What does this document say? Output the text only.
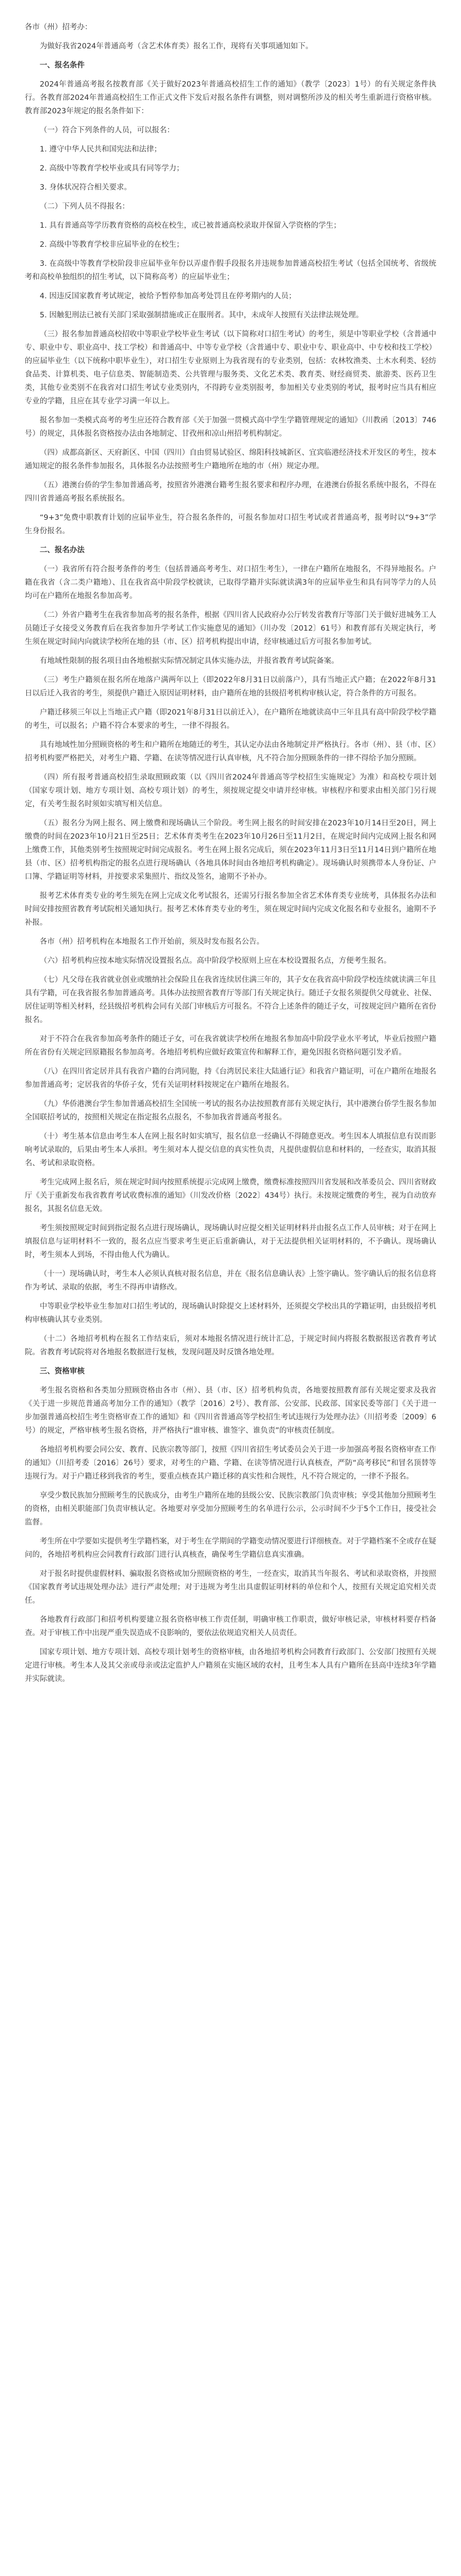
各市（州）招考办：

为做好我省2024年普通高考（含艺术体育类）报名工作，现将有关事项通知如下。

一、报名条件

2024年普通高考报名按教育部《关于做好2023年普通高校招生工作的通知》（教学〔2023〕1号）的有关规定条件执行。各教育部2024年普通高校招生工作正式文件下发后对报名条件有调整，则对调整所涉及的相关考生重新进行资格审核。教育部2023年规定的报名条件如下：

（一）符合下列条件的人员，可以报名：

1. 遵守中华人民共和国宪法和法律；

2. 高级中等教育学校毕业或具有同等学力；

3. 身体状况符合相关要求。

（二）下列人员不得报名：

1. 具有普通高等学历教育资格的高校在校生，或已被普通高校录取并保留入学资格的学生；

2. 高级中等教育学校非应届毕业的在校生；

3. 在高级中等教育学校阶段非应届毕业年份以弄虚作假手段报名并违规参加普通高校招生考试（包括全国统考、省级统考和高校单独组织的招生考试，以下简称高考）的应届毕业生；

4. 因违反国家教育考试规定，被给予暂停参加高考处罚且在停考期内的人员；

5. 因触犯刑法已被有关部门采取强制措施或正在服刑者。其中，未成年人按照有关法律法规处理。

（三）报名参加普通高校招收中等职业学校毕业生考试（以下简称对口招生考试）的考生，须是中等职业学校（含普通中专、职业中专、职业高中、技工学校）和普通高中、中等专业学校（含普通中专、职业中专、职业高中、中专校和技工学校）的应届毕业生（以下统称中职毕业生），对口招生专业原则上为我省现有的专业类别，包括：农林牧渔类、土木水利类、轻纺食品类、计算机类、电子信息类、智能制造类、公共管理与服务类、文化艺术类、教育类、财经商贸类、旅游类、医药卫生类，其他专业类别不在我省对口招生考试专业类别内，不得跨专业类别报考，参加相关专业类别的考试，报考时应当具有相应专业的学籍，且应在其专业学习满一年以上。

报名参加一类模式高考的考生应还符合教育部《关于加强一贯模式高中学生学籍管理规定的通知》（川教函〔2013〕746号）的规定，具体报名资格按办法由各地制定、甘孜州和凉山州招考机构制定。

（四）成都高新区、天府新区、中国（四川）自由贸易试验区、绵阳科技城新区、宜宾临港经济技术开发区的考生，按本通知规定的报名条件参加报名，具体报名办法按照考生户籍地所在地的市（州）规定办理。

（五）港澳台侨的学生参加普通高考，按照省外港澳台籍考生报名要求和程序办理，在港澳台侨报名系统中报名，不得在四川省普通高考报名系统报名。

“9+3”免费中职教育计划的应届毕业生，符合报名条件的，可报名参加对口招生考试或者普通高考，报考时以“9+3”学生身份报名。

二、报名办法

（一）我省所有符合报考条件的考生（包括普通高考考生、对口招生考生），一律在户籍所在地报名，不得异地报名。户籍在我省（含二类户籍地）、且在我省高中阶段学校就读，已取得学籍并实际就读满3年的应届毕业生和具有同等学力的人员均可在户籍所在地报名参加高考。

（二）外省户籍考生在我省参加高考的报名条件，根据《四川省人民政府办公厅转发省教育厅等部门关于做好进城务工人员随迁子女接受义务教育后在我省参加升学考试工作实施意见的通知》（川办发〔2012〕61号）和教育部有关规定执行，考生须在规定时间内向就读学校所在地的县（市、区）招考机构提出申请，经审核通过后方可报名参加考试。

有地域性限制的报名项目由各地根据实际情况制定具体实施办法，并报省教育考试院备案。

（三）考生户籍须在报名所在地落户满两年以上（即2022年8月31日以前落户），具有当地正式户籍；在2022年8月31日以后迁入我省的考生，须提供户籍迁入原因证明材料，由户籍所在地的县级招考机构审核认定，符合条件的方可报名。

户籍迁移须三年以上当地正式户籍（即2021年8月31日以前迁入），在户籍所在地就读高中三年且具有高中阶段学校学籍的考生，可以报名；户籍不符合本要求的考生，一律不得报名。

具有地域性加分照顾资格的考生和户籍所在地随迁的考生，其认定办法由各地制定并严格执行。各市（州）、县（市、区）招考机构要严格把关，对考生户籍、学籍、在读等情况进行认真审核，凡不符合加分照顾条件的一律不得给予加分照顾。

（四）所有报考普通高校招生录取照顾政策（以《四川省2024年普通高等学校招生实施规定》为准）和高校专项计划（国家专项计划、地方专项计划、高校专项计划）的考生，须按规定提交申请并经审核。审核程序和要求由相关部门另行规定，有关考生报名时须如实填写相关信息。

（五）报名分为网上报名、网上缴费和现场确认三个阶段。考生网上报名的时间安排在2023年10月14日至20日，网上缴费的时间在2023年10月21日至25日；艺术体育类考生在2023年10月26日至11月2日，在规定时间内完成网上报名和网上缴费工作，其他类别考生按照规定时间完成报名。考生在网上报名完成后，须在2023年11月3日至11月14日到户籍所在地县（市、区）招考机构指定的报名点进行现场确认（各地具体时间由各地招考机构确定）。现场确认时须携带本人身份证、户口簿、学籍证明等材料，并按要求采集照片、指纹及签名，逾期不予补办。

报考艺术体育类专业的考生须先在网上完成文化考试报名，还需另行报名参加全省艺术体育类专业统考，具体报名办法和时间安排按照省教育考试院相关通知执行。报考艺术体育类专业的考生，须在规定时间内完成文化报名和专业报名，逾期不予补报。

各市（州）招考机构在本地报名工作开始前，须及时发布报名公告。

（六）招考机构应按本地实际情况设置报名点。高中阶段学校原则上应在本校设置报名点，方便考生报名。

（七）凡父母在我省就业创业或缴纳社会保险且在我省连续居住满三年的，其子女在我省高中阶段学校连续就读满三年且具有学籍，可在我省报名参加普通高考。具体办法按照省教育厅等部门有关规定执行。随迁子女报名须提供父母就业、社保、居住证明等相关材料，经县级招考机构会同有关部门审核后方可报名。不符合上述条件的随迁子女，可按规定回户籍所在省份报名。

对于不符合在我省参加高考条件的随迁子女，可在我省就读学校所在地报名参加高中阶段学业水平考试，毕业后按照户籍所在省份有关规定回原籍报名参加高考。各地招考机构应做好政策宣传和解释工作，避免因报名资格问题引发矛盾。

（八）在四川省定居并具有我省户籍的台湾同胞，持《台湾居民来往大陆通行证》和我省户籍证明，可在户籍所在地报名参加普通高考；定居我省的华侨子女，凭有关证明材料按规定在户籍所在地报名。

（九）华侨港澳台学生参加普通高校招生全国统一考试的报名办法按照教育部有关规定执行，其中港澳台侨学生报名参加全国联招考试的，按照相关规定在指定报名点报名，不参加我省普通高考报名。

（十）考生基本信息由考生本人在网上报名时如实填写，报名信息一经确认不得随意更改。考生因本人填报信息有误而影响考试录取的，后果由考生本人承担。考生须对本人提交信息的真实性负责，凡提供虚假信息和材料的，一经查实，取消其报名、考试和录取资格。

考生完成网上报名后，须在规定时间内按照系统提示完成网上缴费，缴费标准按照四川省发展和改革委员会、四川省财政厅《关于重新发布我省教育考试收费标准的通知》（川发改价格〔2022〕434号）执行。未按规定缴费的考生，视为自动放弃报名，其报名信息无效。

考生须按照规定时间到指定报名点进行现场确认，现场确认时应提交相关证明材料并由报名点工作人员审核；对于在网上填报信息与证明材料不一致的，报名点应当要求考生更正后重新确认，对于无法提供相关证明材料的，不予确认。现场确认时，考生须本人到场，不得由他人代为确认。

（十一）现场确认时，考生本人必须认真核对报名信息，并在《报名信息确认表》上签字确认。签字确认后的报名信息将作为考试、录取的依据，考生不得再申请修改。

中等职业学校毕业生参加对口招生考试的，现场确认时除提交上述材料外，还须提交学校出具的学籍证明，由县级招考机构审核确认其专业类别。

（十二）各地招考机构在报名工作结束后，须对本地报名情况进行统计汇总，于规定时间内将报名数据报送省教育考试院。省教育考试院将对各地报名数据进行复核，发现问题及时反馈各地处理。

三、资格审核

考生报名资格和各类加分照顾资格由各市（州）、县（市、区）招考机构负责，各地要按照教育部有关规定要求及我省《关于进一步规范普通高考加分工作的通知》（教学〔2016〕2号）、教育部、公安部、民政部、国家民委等部门《关于进一步加强普通高校招生考生资格审查工作的通知》和《四川省普通高等学校招生考试违规行为处理办法》（川招考委〔2009〕6号）的规定，严格审核考生报名资格，并严格执行“谁审核、谁签字、谁负责”的审核责任制度。

各地招考机构要会同公安、教育、民族宗教等部门，按照《四川省招生考试委员会关于进一步加强高考报名资格审查工作的通知》（川招考委〔2016〕26号）要求，对考生的户籍、学籍、在读等情况进行认真核查，严防“高考移民”和冒名顶替等违规行为。对于户籍迁移到我省的考生，要重点核查其户籍迁移的真实性和合规性，凡不符合规定的，一律不予报名。

享受少数民族加分照顾考生的民族成分，由考生户籍所在地的县级公安、民族宗教部门负责审核；享受其他加分照顾考生的资格，由相关职能部门负责审核认定。各地要对享受加分照顾考生的名单进行公示，公示时间不少于5个工作日，接受社会监督。

考生所在中学要如实提供考生学籍档案，对于考生在学期间的学籍变动情况要进行详细核查。对于学籍档案不全或存在疑问的，各地招考机构应会同教育行政部门进行认真核查，确保考生学籍信息真实准确。

对于报名时提供虚假材料、骗取报名资格或加分照顾资格的考生，一经查实，取消其当年报名、考试和录取资格，并按照《国家教育考试违规处理办法》进行严肃处理；对于违规为考生出具虚假证明材料的单位和个人，按照有关规定追究相关责任。

各地教育行政部门和招考机构要建立报名资格审核工作责任制，明确审核工作职责，做好审核记录，审核材料要存档备查。对于审核工作中出现严重失误造成不良影响的，要依法依规追究相关人员责任。

国家专项计划、地方专项计划、高校专项计划考生的资格审核，由各地招考机构会同教育行政部门、公安部门按照有关规定进行审核。考生本人及其父亲或母亲或法定监护人户籍须在实施区域的农村，且考生本人具有户籍所在县高中连续3年学籍并实际就读。
